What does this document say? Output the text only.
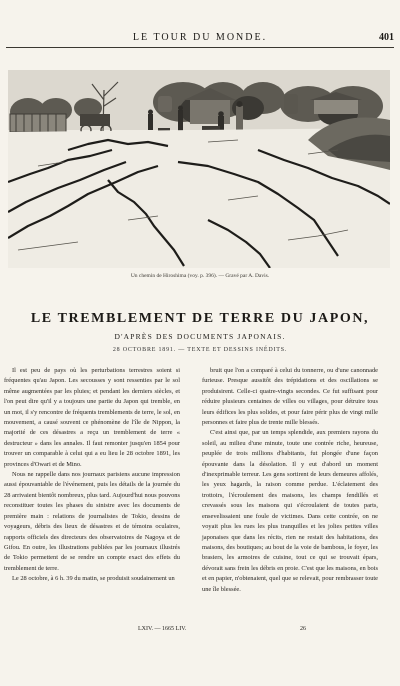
LE TOUR DU MONDE.	401
Un chemin de Hiroshima (voy. p. 396). — Gravé par A. Davis.
LE TREMBLEMENT DE TERRE DU JAPON,
D'APRÈS DES DOCUMENTS JAPONAIS.
28 OCTOBRE 1891. — TEXTE ET DESSINS INÉDITS.

Il est peu de pays où les perturbations terrestres soient si fréquentes qu'au Japon. Les secousses y sont ressenties par le sol même augmentées par les pluies; et pendant les derniers siècles, et l'on peut dire qu'il y a toujours une partie du Japon qui tremble, en un mot, il s'y rencontre de fréquents tremblements de terre, le sol, en mouvement, a causé souvent ce phénomène de l'île de Nippon, la majorité de ces désastres a reçu un tremblement de terre « destructeur » dans les annales. Il faut remonter jusqu'en 1854 pour trouver un comparable à celui qui a eu lieu le 28 octobre 1891, les provinces d'Owari et de Mino.

Nous ne rappelle dans nos journaux parisiens aucune impression aussi épouvantable de l'événement, puis les détails de la journée du 28 arrivaient bientôt nombreux, plus tard. Aujourd'hui nous pouvons reconstituer toutes les phases du sinistre avec les documents de première main : relations de journalistes de Tokio, dessins de voyageurs, débris des lieux de désastres et de témoins oculaires, rapports officiels des directeurs des observatoires de Nagoya et de Gifou. En outre, les illustrations publiées par les journaux illustrés de Tokio permettent de se rendre un compte exact des effets du tremblement de terre.

Le 28 octobre, à 6 h. 39 du matin, se produisit soudainement un

bruit que l'on a comparé à celui du tonnerre, ou d'une canonnade furieuse. Presque aussitôt des trépidations et des oscillations se produisirent. Celle-ci quatre-vingts secondes. Ce fut suffisant pour réduire plusieurs centaines de villes ou villages, pour détruire tous leurs édifices les plus solides, et pour faire périr plus de vingt mille personnes et faire plus de trente mille blessés.

C'est ainsi que, par un temps splendide, aux premiers rayons du soleil, au milieu d'une minute, toute une contrée riche, heureuse, peuplée de trois millions d'habitants, fut plongée d'une façon épouvante dans la désolation. Il y eut d'abord un moment d'inexprimable terreur. Les gens sortirent de leurs demeures affolés, les yeux hagards, la raison comme perdue. L'éclatement des trottoirs, l'écroulement des maisons, les champs fendillés et crevassés sous les maisons qui s'écroulaient de toutes parts, ensevelissaient une foule de victimes. Dans cette contrée, on ne voyait plus les rues les plus tranquilles et les jolies petites villes japonaises que dans les récits, rien ne restait des habitations, des maisons, des boutiques; au bout de la voie de bambous, le foyer, les brasiers, les armoires de cuisine, tout ce qui se trouvait épars, dévorait sans frein les débris en proie. C'est que les maisons, en bois et en papier, n'obtenaient, quel que se relevait, pour rembrasser toute une île blessée.

LXIV. — 1665 LIV.	26
